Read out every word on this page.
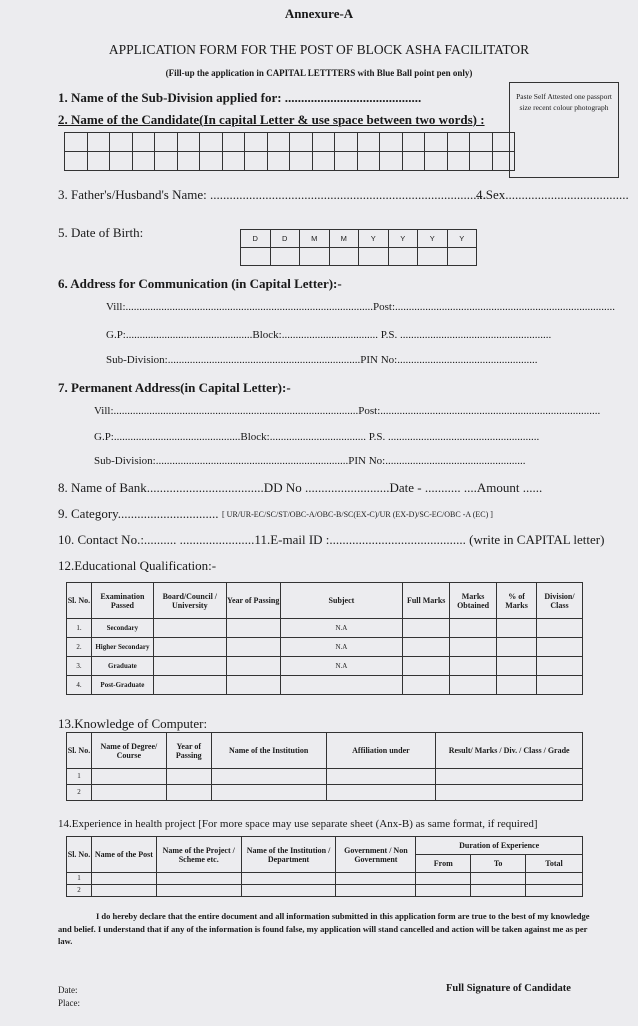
Annexure-A
APPLICATION FORM FOR THE POST OF BLOCK ASHA FACILITATOR
(Fill-up the application in CAPITAL LETTTERS with Blue Ball point pen only)
Paste Self Attested one passport size recent colour photograph
1. Name of the Sub-Division applied for: ..........................................
2. Name of the Candidate(In capital Letter & use space between two words) :

3. Father's/Husband's Name: .....................................................................................
4.Sex......................................
5. Date of Birth:	D	D	M	M	Y	Y	Y	Y

6. Address for Communication (in Capital Letter):-
Vill:..........................................................................................Post:................................................................................
G.P:..............................................Block:................................... P.S. .......................................................
Sub-Division:......................................................................PIN No:...................................................
7. Permanent Address(in Capital Letter):-
Vill:.........................................................................................Post:................................................................................
G.P:..............................................Block:................................... P.S. .......................................................
Sub-Division:......................................................................PIN No:...................................................
8. Name of Bank....................................DD No ..........................Date - ........... ....Amount ......
9. Category............................... [ UR/UR-EC/SC/ST/OBC-A/OBC-B/SC(EX-C)/UR (EX-D)/SC-EC/OBC -A (EC) ]
10. Contact No.:.......... .......................11.E-mail ID :.......................................... (write in CAPITAL letter)
12.Educational Qualification:-
Sl. No.	Examination Passed	Board/Council / University	Year of Passing	Subject	Full Marks	Marks Obtained	% of Marks	Division/ Class
1.	Secondary			N.A				
2.	Higher Secondary			N.A				
3.	Graduate			N.A				
4.	Post-Graduate							
13.Knowledge of Computer:
Sl. No.	Name of Degree/ Course	Year of Passing	Name of the Institution	Affiliation under	Result/ Marks / Div. / Class / Grade
1					
2					
14.Experience in health project [For more space may use separate sheet (Anx-B) as same format, if required]
Sl. No.	Name of the Post	Name of the Project / Scheme etc.	Name of the Institution / Department	Government / Non Government	Duration of Experience		
					From	To	Total
1							
2							
I do hereby declare that the entire document and all information submitted in this application form are true to the best of my knowledge and belief. I understand that if any of the information is found false, my application will stand cancelled and action will be taken against me as per law.
Date:
Place:
Full Signature of Candidate
